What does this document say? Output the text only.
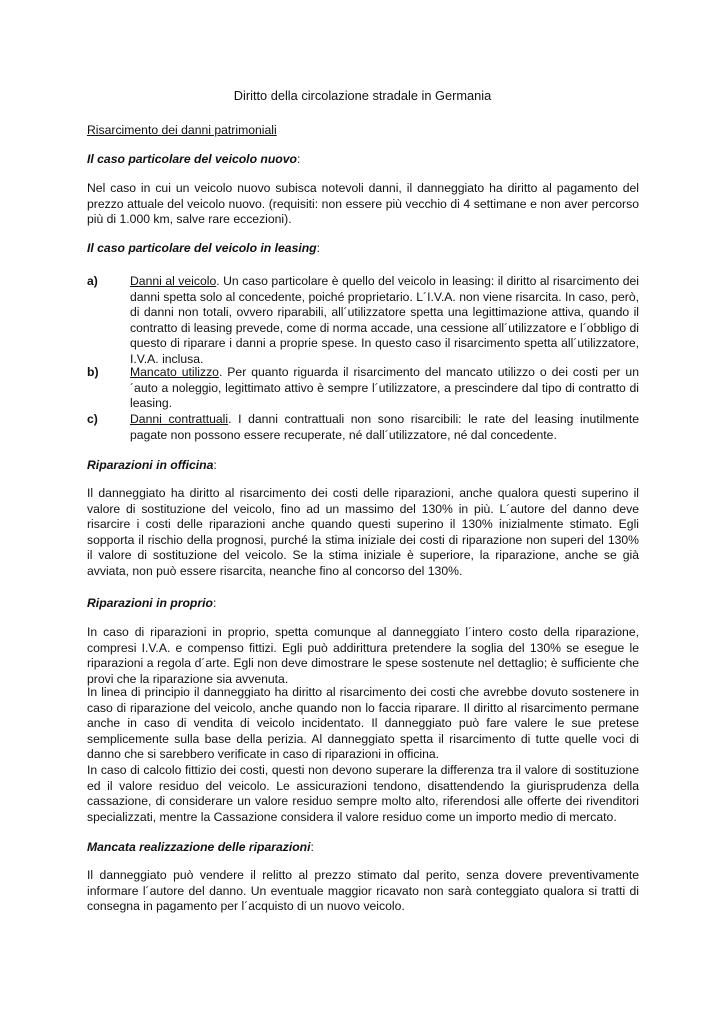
Diritto della circolazione stradale in Germania
Risarcimento dei danni patrimoniali
Il caso particolare del veicolo nuovo:
Nel caso in cui un veicolo nuovo subisca notevoli danni, il danneggiato ha diritto al pagamento del prezzo attuale del veicolo nuovo. (requisiti: non essere più vecchio di 4 settimane e non aver percorso più di 1.000 km, salve rare eccezioni).
Il caso particolare del veicolo in leasing:
a)	Danni al veicolo. Un caso particolare è quello del veicolo in leasing: il diritto al risarcimento dei danni spetta solo al concedente, poiché proprietario. L´I.V.A. non viene risarcita. In caso, però, di danni non totali, ovvero riparabili, all´utilizzatore spetta una legittimazione attiva, quando il contratto di leasing prevede, come di norma accade, una cessione all´utilizzatore e l´obbligo di questo di riparare i danni a proprie spese. In questo caso il risarcimento spetta all´utilizzatore, I.V.A. inclusa.
b)	Mancato utilizzo. Per quanto riguarda il risarcimento del mancato utilizzo o dei costi per un´auto a noleggio, legittimato attivo è sempre l´utilizzatore, a prescindere dal tipo di contratto di leasing.
c)	Danni contrattuali. I danni contrattuali non sono risarcibili: le rate del leasing inutilmente pagate non possono essere recuperate, né dall´utilizzatore, né dal concedente.
Riparazioni in officina:
Il danneggiato ha diritto al risarcimento dei costi delle riparazioni, anche qualora questi superino il valore di sostituzione del veicolo, fino ad un massimo del 130% in più. L´autore del danno deve risarcire i costi delle riparazioni anche quando questi superino il 130% inizialmente stimato. Egli sopporta il rischio della prognosi, purché la stima iniziale dei costi di riparazione non superi del 130% il valore di sostituzione del veicolo. Se la stima iniziale è superiore, la riparazione, anche se già avviata, non può essere risarcita, neanche fino al concorso del 130%.
Riparazioni in proprio:
In caso di riparazioni in proprio, spetta comunque al danneggiato l´intero costo della riparazione, compresi I.V.A. e compenso fittizi. Egli può addirittura pretendere la soglia del 130% se esegue le riparazioni a regola d´arte. Egli non deve dimostrare le spese sostenute nel dettaglio; è sufficiente che provi che la riparazione sia avvenuta.
In linea di principio il danneggiato ha diritto al risarcimento dei costi che avrebbe dovuto sostenere in caso di riparazione del veicolo, anche quando non lo faccia riparare. Il diritto al risarcimento permane anche in caso di vendita di veicolo incidentato. Il danneggiato può fare valere le sue pretese semplicemente sulla base della perizia. Al danneggiato spetta il risarcimento di tutte quelle voci di danno che si sarebbero verificate in caso di riparazioni in officina.
In caso di calcolo fittizio dei costi, questi non devono superare la differenza tra il valore di sostituzione ed il valore residuo del veicolo. Le assicurazioni tendono, disattendendo la giurisprudenza della cassazione, di considerare un valore residuo sempre molto alto, riferendosi alle offerte dei rivenditori specializzati, mentre la Cassazione considera il valore residuo come un importo medio di mercato.
Mancata realizzazione delle riparazioni:
Il danneggiato può vendere il relitto al prezzo stimato dal perito, senza dovere preventivamente informare l´autore del danno. Un eventuale maggior ricavato non sarà conteggiato qualora si tratti di consegna in pagamento per l´acquisto di un nuovo veicolo.
